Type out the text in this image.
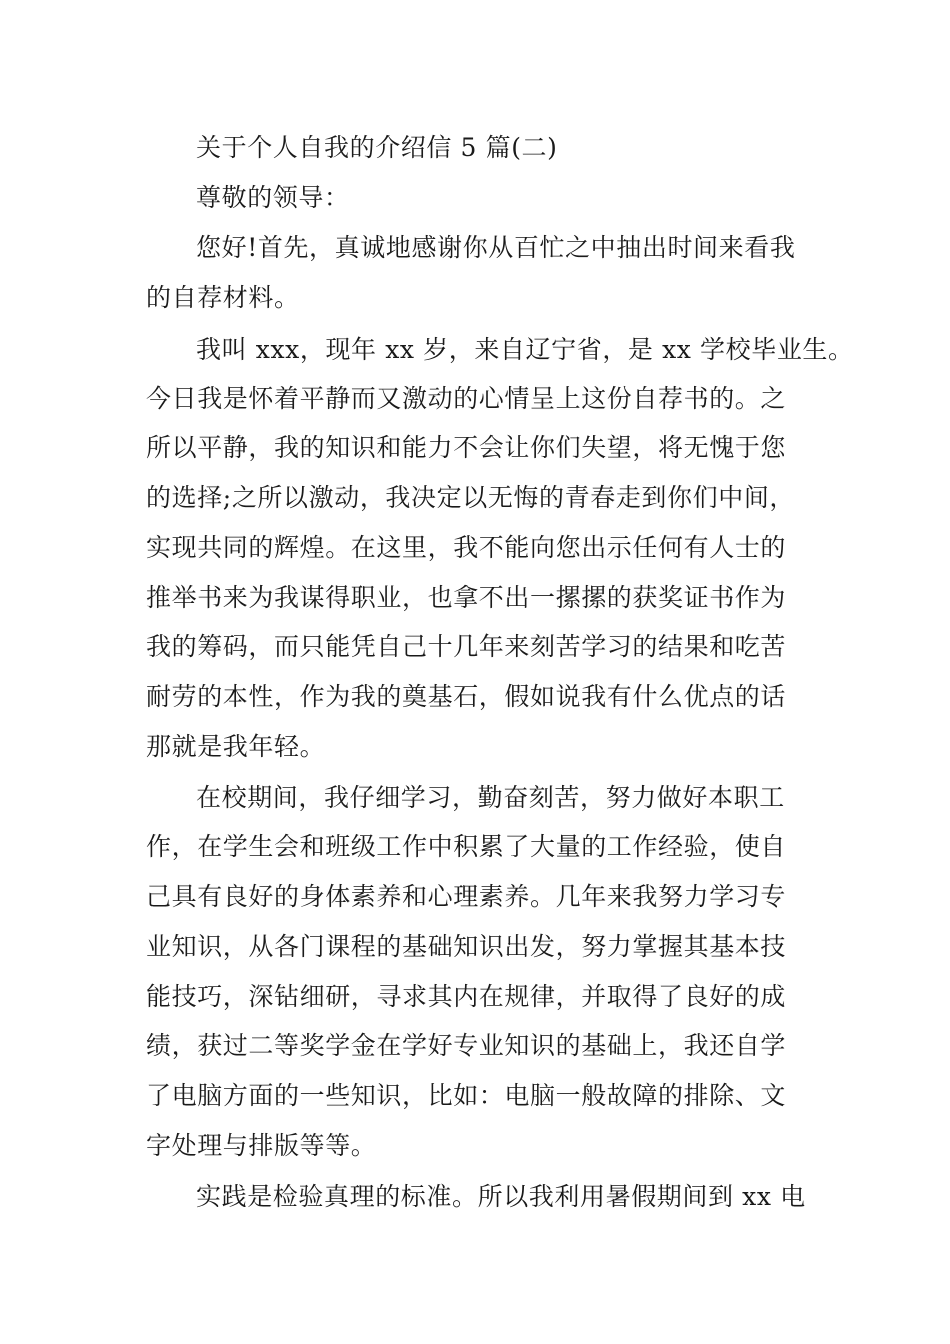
关于个人自我的介绍信 5 篇(二)
尊敬的领导：
您好!首先，真诚地感谢你从百忙之中抽出时间来看我
的自荐材料。
我叫 xxx，现年 xx 岁，来自辽宁省，是 xx 学校毕业生。
今日我是怀着平静而又激动的心情呈上这份自荐书的。之
所以平静，我的知识和能力不会让你们失望，将无愧于您
的选择;之所以激动，我决定以无悔的青春走到你们中间，
实现共同的辉煌。在这里，我不能向您出示任何有人士的
推举书来为我谋得职业，也拿不出一摞摞的获奖证书作为
我的筹码，而只能凭自己十几年来刻苦学习的结果和吃苦
耐劳的本性，作为我的奠基石，假如说我有什么优点的话
那就是我年轻。
在校期间，我仔细学习，勤奋刻苦，努力做好本职工
作，在学生会和班级工作中积累了大量的工作经验，使自
己具有良好的身体素养和心理素养。几年来我努力学习专
业知识，从各门课程的基础知识出发，努力掌握其基本技
能技巧，深钻细研，寻求其内在规律，并取得了良好的成
绩，获过二等奖学金在学好专业知识的基础上，我还自学
了电脑方面的一些知识，比如：电脑一般故障的排除、文
字处理与排版等等。
实践是检验真理的标准。所以我利用暑假期间到 xx 电
